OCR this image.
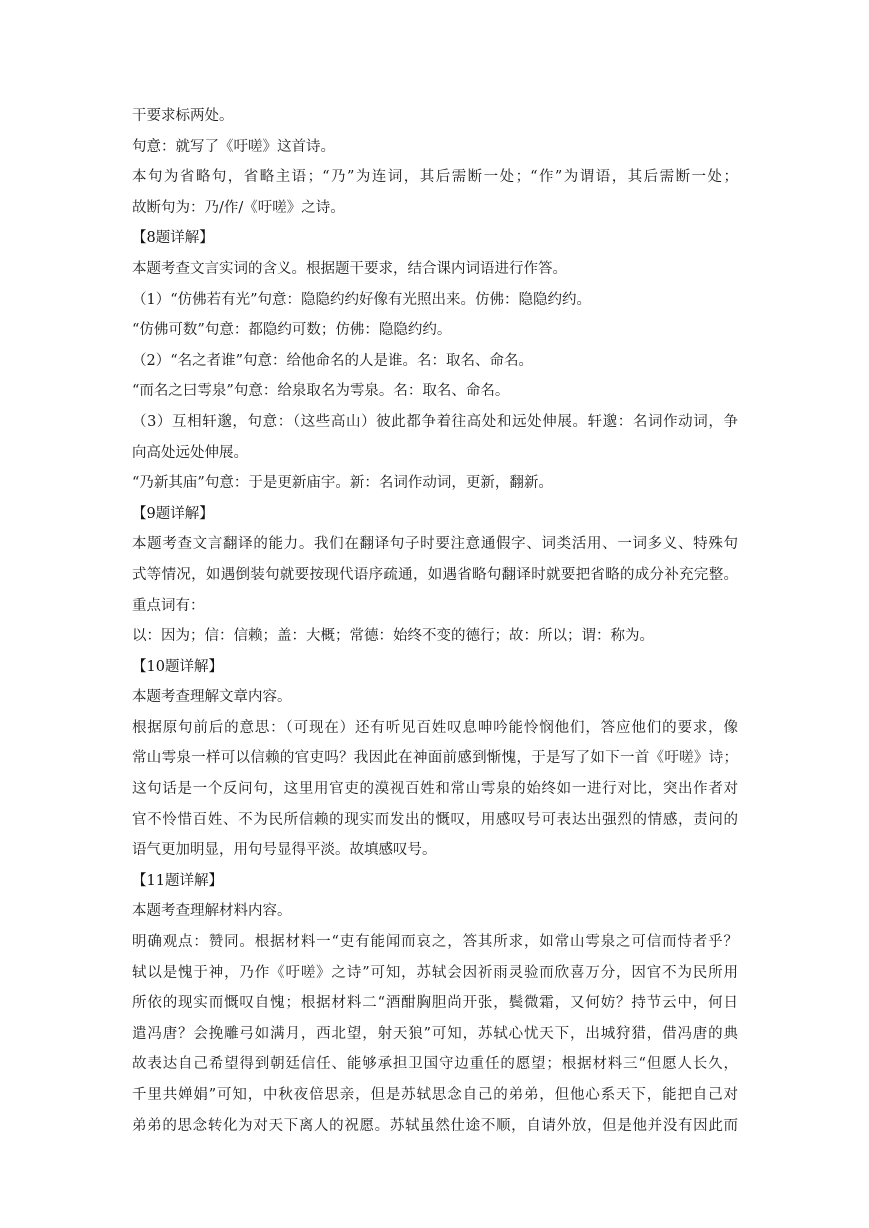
干要求标两处。
句意：就写了《吁嗟》这首诗。
本句为省略句，省略主语；“乃”为连词，其后需断一处；“作”为谓语，其后需断一处；
故断句为：乃/作/《吁嗟》之诗。
【8题详解】
本题考查文言实词的含义。根据题干要求，结合课内词语进行作答。
（1）“仿佛若有光”句意：隐隐约约好像有光照出来。仿佛：隐隐约约。
“仿佛可数”句意：都隐约可数；仿佛：隐隐约约。
（2）“名之者谁”句意：给他命名的人是谁。名：取名、命名。
“而名之曰雩泉”句意：给泉取名为雩泉。名：取名、命名。
（3）互相轩邈，句意：（这些高山）彼此都争着往高处和远处伸展。轩邈：名词作动词，争
向高处远处伸展。
“乃新其庙”句意：于是更新庙宇。新：名词作动词，更新，翻新。
【9题详解】
本题考查文言翻译的能力。我们在翻译句子时要注意通假字、词类活用、一词多义、特殊句
式等情况，如遇倒装句就要按现代语序疏通，如遇省略句翻译时就要把省略的成分补充完整。
重点词有：
以：因为；信：信赖；盖：大概；常德：始终不变的德行；故：所以；谓：称为。
【10题详解】
本题考查理解文章内容。
根据原句前后的意思：（可现在）还有听见百姓叹息呻吟能怜悯他们，答应他们的要求，像
常山雩泉一样可以信赖的官吏吗？我因此在神面前感到惭愧，于是写了如下一首《吁嗟》诗；
这句话是一个反问句，这里用官吏的漠视百姓和常山雩泉的始终如一进行对比，突出作者对
官不怜惜百姓、不为民所信赖的现实而发出的慨叹，用感叹号可表达出强烈的情感，责问的
语气更加明显，用句号显得平淡。故填感叹号。
【11题详解】
本题考查理解材料内容。
明确观点：赞同。根据材料一“吏有能闻而哀之，答其所求，如常山雩泉之可信而恃者乎？
轼以是愧于神，乃作《吁嗟》之诗”可知，苏轼会因祈雨灵验而欣喜万分，因官不为民所用
所依的现实而慨叹自愧；根据材料二“酒酣胸胆尚开张，鬓微霜，又何妨？持节云中，何日
遣冯唐？会挽雕弓如满月，西北望，射天狼”可知，苏轼心忧天下，出城狩猎，借冯唐的典
故表达自己希望得到朝廷信任、能够承担卫国守边重任的愿望；根据材料三“但愿人长久，
千里共婵娟”可知，中秋夜倍思亲，但是苏轼思念自己的弟弟，但他心系天下，能把自己对
弟弟的思念转化为对天下离人的祝愿。苏轼虽然仕途不顺，自请外放，但是他并没有因此而
